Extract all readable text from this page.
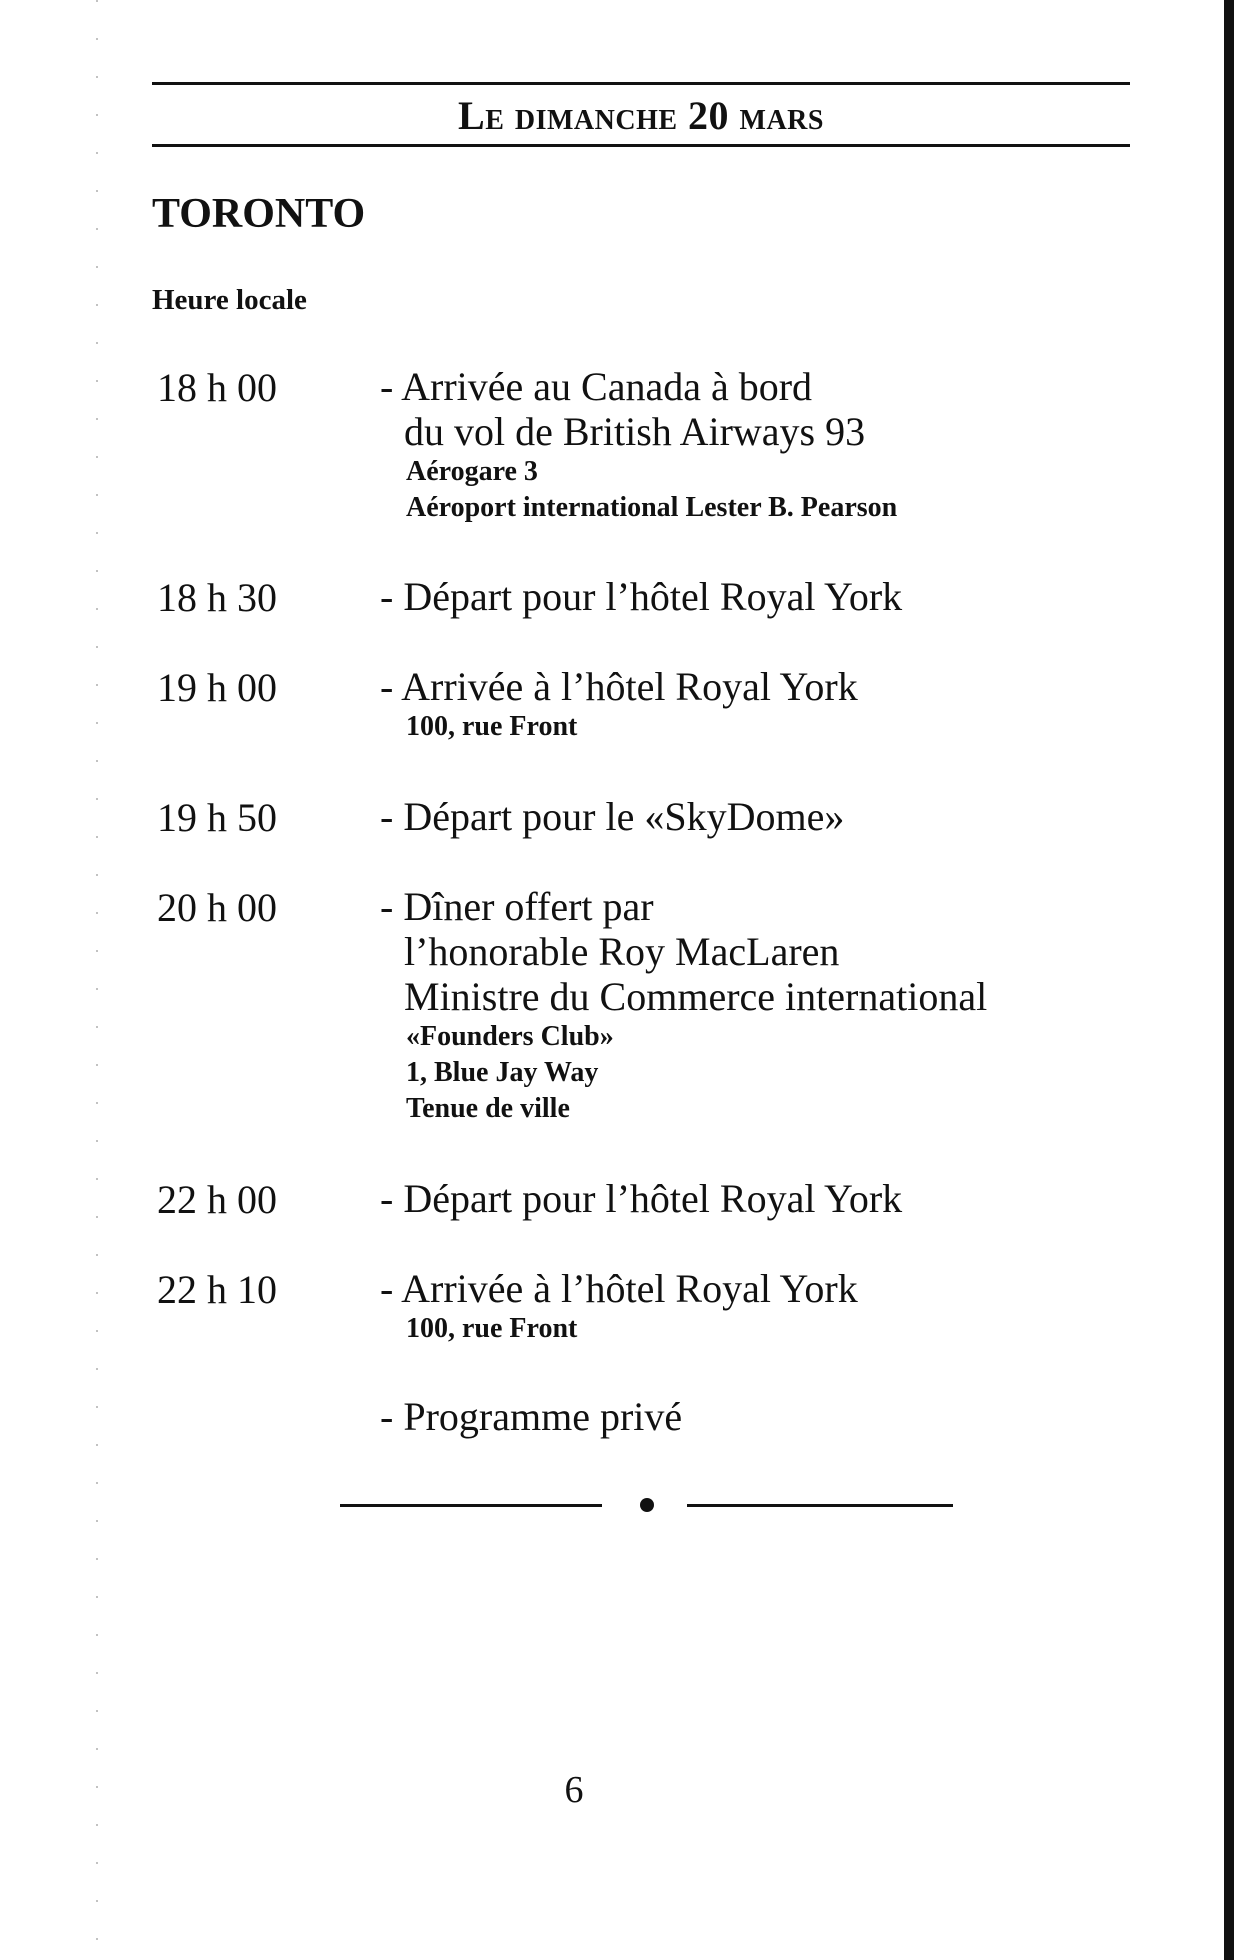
Le dimanche 20 mars
TORONTO
Heure locale
18 h 00	- Arrivée au Canada à bord
du vol de British Airways 93
Aérogare 3
Aéroport international Lester B. Pearson
18 h 30	- Départ pour l’hôtel Royal York
19 h 00	- Arrivée à l’hôtel Royal York
100, rue Front
19 h 50	- Départ pour le «SkyDome»
20 h 00	- Dîner offert par
l’honorable Roy MacLaren
Ministre du Commerce international
«Founders Club»
1, Blue Jay Way
Tenue de ville
22 h 00	- Départ pour l’hôtel Royal York
22 h 10	- Arrivée à l’hôtel Royal York
100, rue Front
- Programme privé
6
